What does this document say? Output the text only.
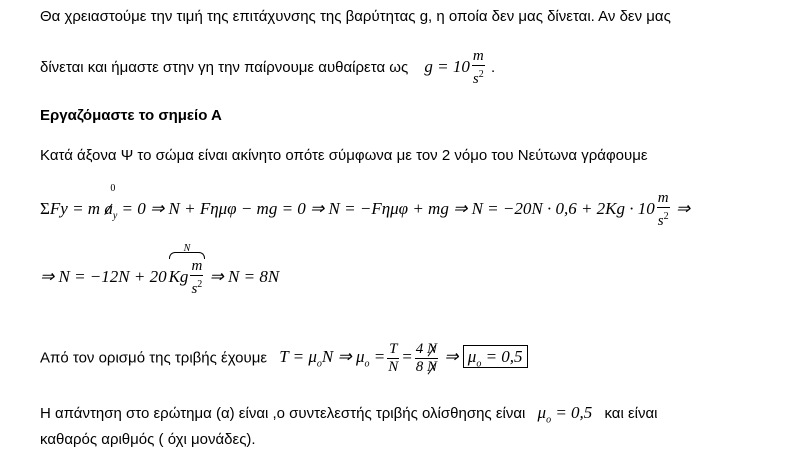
Θα χρειαστούμε την τιμή της επιτάχυνσης της βαρύτητας g, η οποία δεν μας δίνεται. Αν δεν μας
δίνεται και ήμαστε στην γη την παίρνουμε αυθαίρετα ως $g = 10 \frac{m}{s^2}$ .
Εργαζόμαστε το σημείο Α
Κατά άξονα Ψ το σώμα είναι ακίνητο οπότε σύμφωνα με τον 2 νόμο του Νεύτωνα γράφουμε
ΣFy = m
0
$a_y = 0$ ⇒ N + Fημφ − mg = 0 ⇒ N = −Fημφ + mg ⇒ $N = -20N \cdot 0,6 + 2Kg \cdot 10 \frac{m}{s^2}$ ⇒
⇒ N = −12N + 20
N
Kg $\frac{m}{s^2}$ ⇒ N = 8N
Από τον ορισμό της τριβής έχουμε $T = \mu_oN$ ⇒ $\mu_o = \frac{T}{N} = \frac{4 N}{8 N}$ ⇒ $\mu_o = 0,5$
Η απάντηση στο ερώτημα (α) είναι ,ο συντελεστής τριβής ολίσθησης είναι $\mu_o = 0,5$ και είναι
καθαρός αριθμός ( όχι μονάδες).
